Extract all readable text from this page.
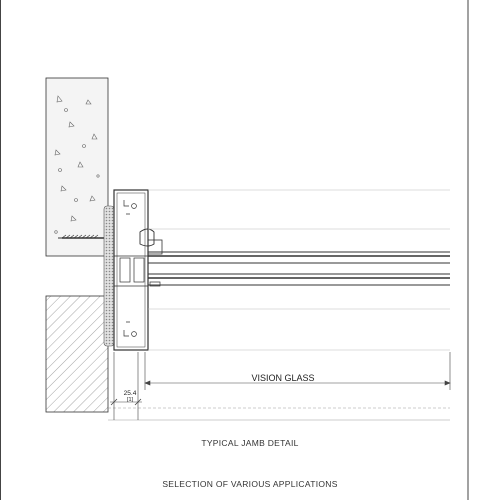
VISION GLASS
25.4
[1]
TYPICAL JAMB DETAIL
SELECTION OF VARIOUS APPLICATIONS
